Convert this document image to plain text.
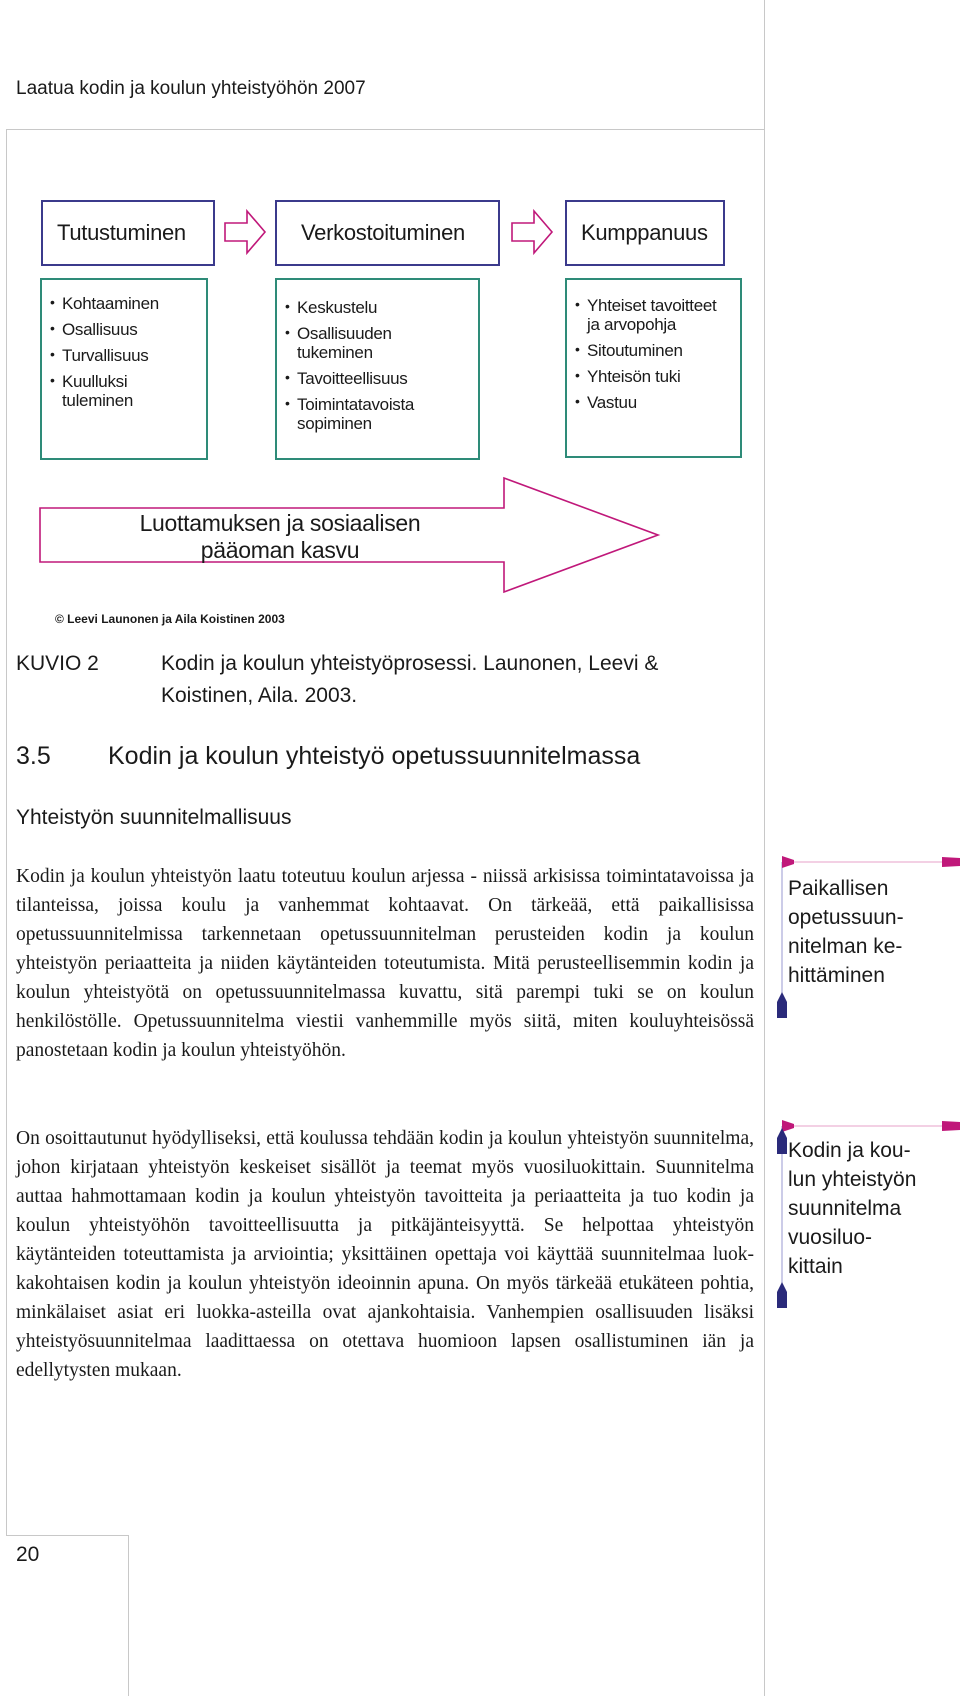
Laatua kodin ja koulun yhteistyöhön 2007
Tutustuminen	Verkostoituminen	Kumppanuus
• Kohtaaminen
• Osallisuus
• Turvallisuus
• Kuulluksi
tuleminen
• Keskustelu
• Osallisuuden
tukeminen
• Tavoitteellisuus
• Toimintatavoista
sopiminen
• Yhteiset tavoitteet
ja arvopohja
• Sitoutuminen
• Yhteisön tuki
• Vastuu
Luottamuksen ja sosiaalisen
pääoman kasvu
© Leevi Launonen ja Aila Koistinen 2003
KUVIO 2	Kodin ja koulun yhteistyöprosessi. Launonen, Leevi &
Koistinen, Aila. 2003.
3.5 Kodin ja koulun yhteistyö opetussuunnitelmassa
Yhteistyön suunnitelmallisuus
Kodin ja koulun yhteistyön laatu toteutuu koulun arjessa - niissä arkisissa toimintatavoissa ja tilanteissa, joissa koulu ja vanhemmat kohtaavat. On tärkeää, että paikallisissa opetussuunnitelmissa tarkennetaan opetussuunnitelman perusteiden kodin ja koulun yhteistyön periaatteita ja niiden käytänteiden toteutumista. Mitä perusteellisemmin kodin ja koulun yhteistyötä on opetussuunnitelmassa kuvattu, sitä parempi tuki se on koulun henkilöstölle. Opetussuunnitelma viestii vanhemmille myös siitä, miten kouluyhteisössä panostetaan kodin ja koulun yhteistyöhön.
On osoittautunut hyödylliseksi, että koulussa tehdään kodin ja koulun yhteistyön suunnitelma, johon kirjataan yhteistyön keskeiset sisällöt ja teemat myös vuosiluokittain. Suunnitelma auttaa hahmottamaan kodin ja koulun yhteistyön tavoitteita ja periaatteita ja tuo kodin ja koulun yhteistyöhön tavoitteellisuutta ja pitkäjänteisyyttä. Se helpottaa yhteistyön käytänteiden toteuttamista ja arviointia; yksittäinen opettaja voi käyttää suunnitelmaa luokkakohtaisen kodin ja koulun yhteistyön ideoinnin apuna. On myös tärkeää etukäteen pohtia, minkälaiset asiat eri luokka-asteilla ovat ajankohtaisia. Vanhempien osallisuuden lisäksi yhteistyösuunnitelmaa laadittaessa on otettava huomioon lapsen osallistuminen iän ja edellytysten mukaan.
Paikallisen
opetussuun-
nitelman ke-
hittäminen
Kodin ja kou-
lun yhteistyön
suunnitelma
vuosiluo-
kittain
20
